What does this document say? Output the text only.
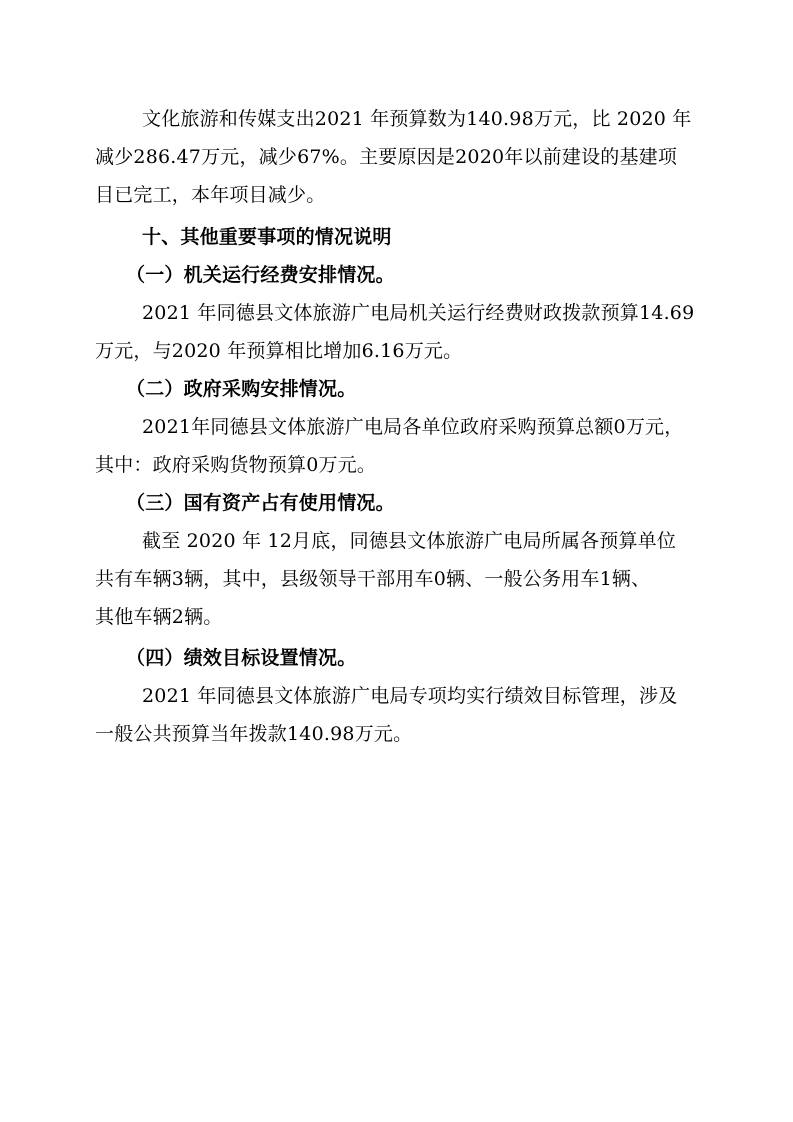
文化旅游和传媒支出2021 年预算数为140.98万元，比 2020 年
减少286.47万元，减少67%。主要原因是2020年以前建设的基建项
目已完工，本年项目减少。
十、其他重要事项的情况说明
（一）机关运行经费安排情况。
2021 年同德县文体旅游广电局机关运行经费财政拨款预算14.69
万元，与2020 年预算相比增加6.16万元。
（二）政府采购安排情况。
2021年同德县文体旅游广电局各单位政府采购预算总额0万元，
其中：政府采购货物预算0万元。
（三）国有资产占有使用情况。
截至 2020 年 12月底，同德县文体旅游广电局所属各预算单位
共有车辆3辆，其中，县级领导干部用车0辆、一般公务用车1辆、
其他车辆2辆。
（四）绩效目标设置情况。
2021 年同德县文体旅游广电局专项均实行绩效目标管理，涉及
一般公共预算当年拨款140.98万元。
